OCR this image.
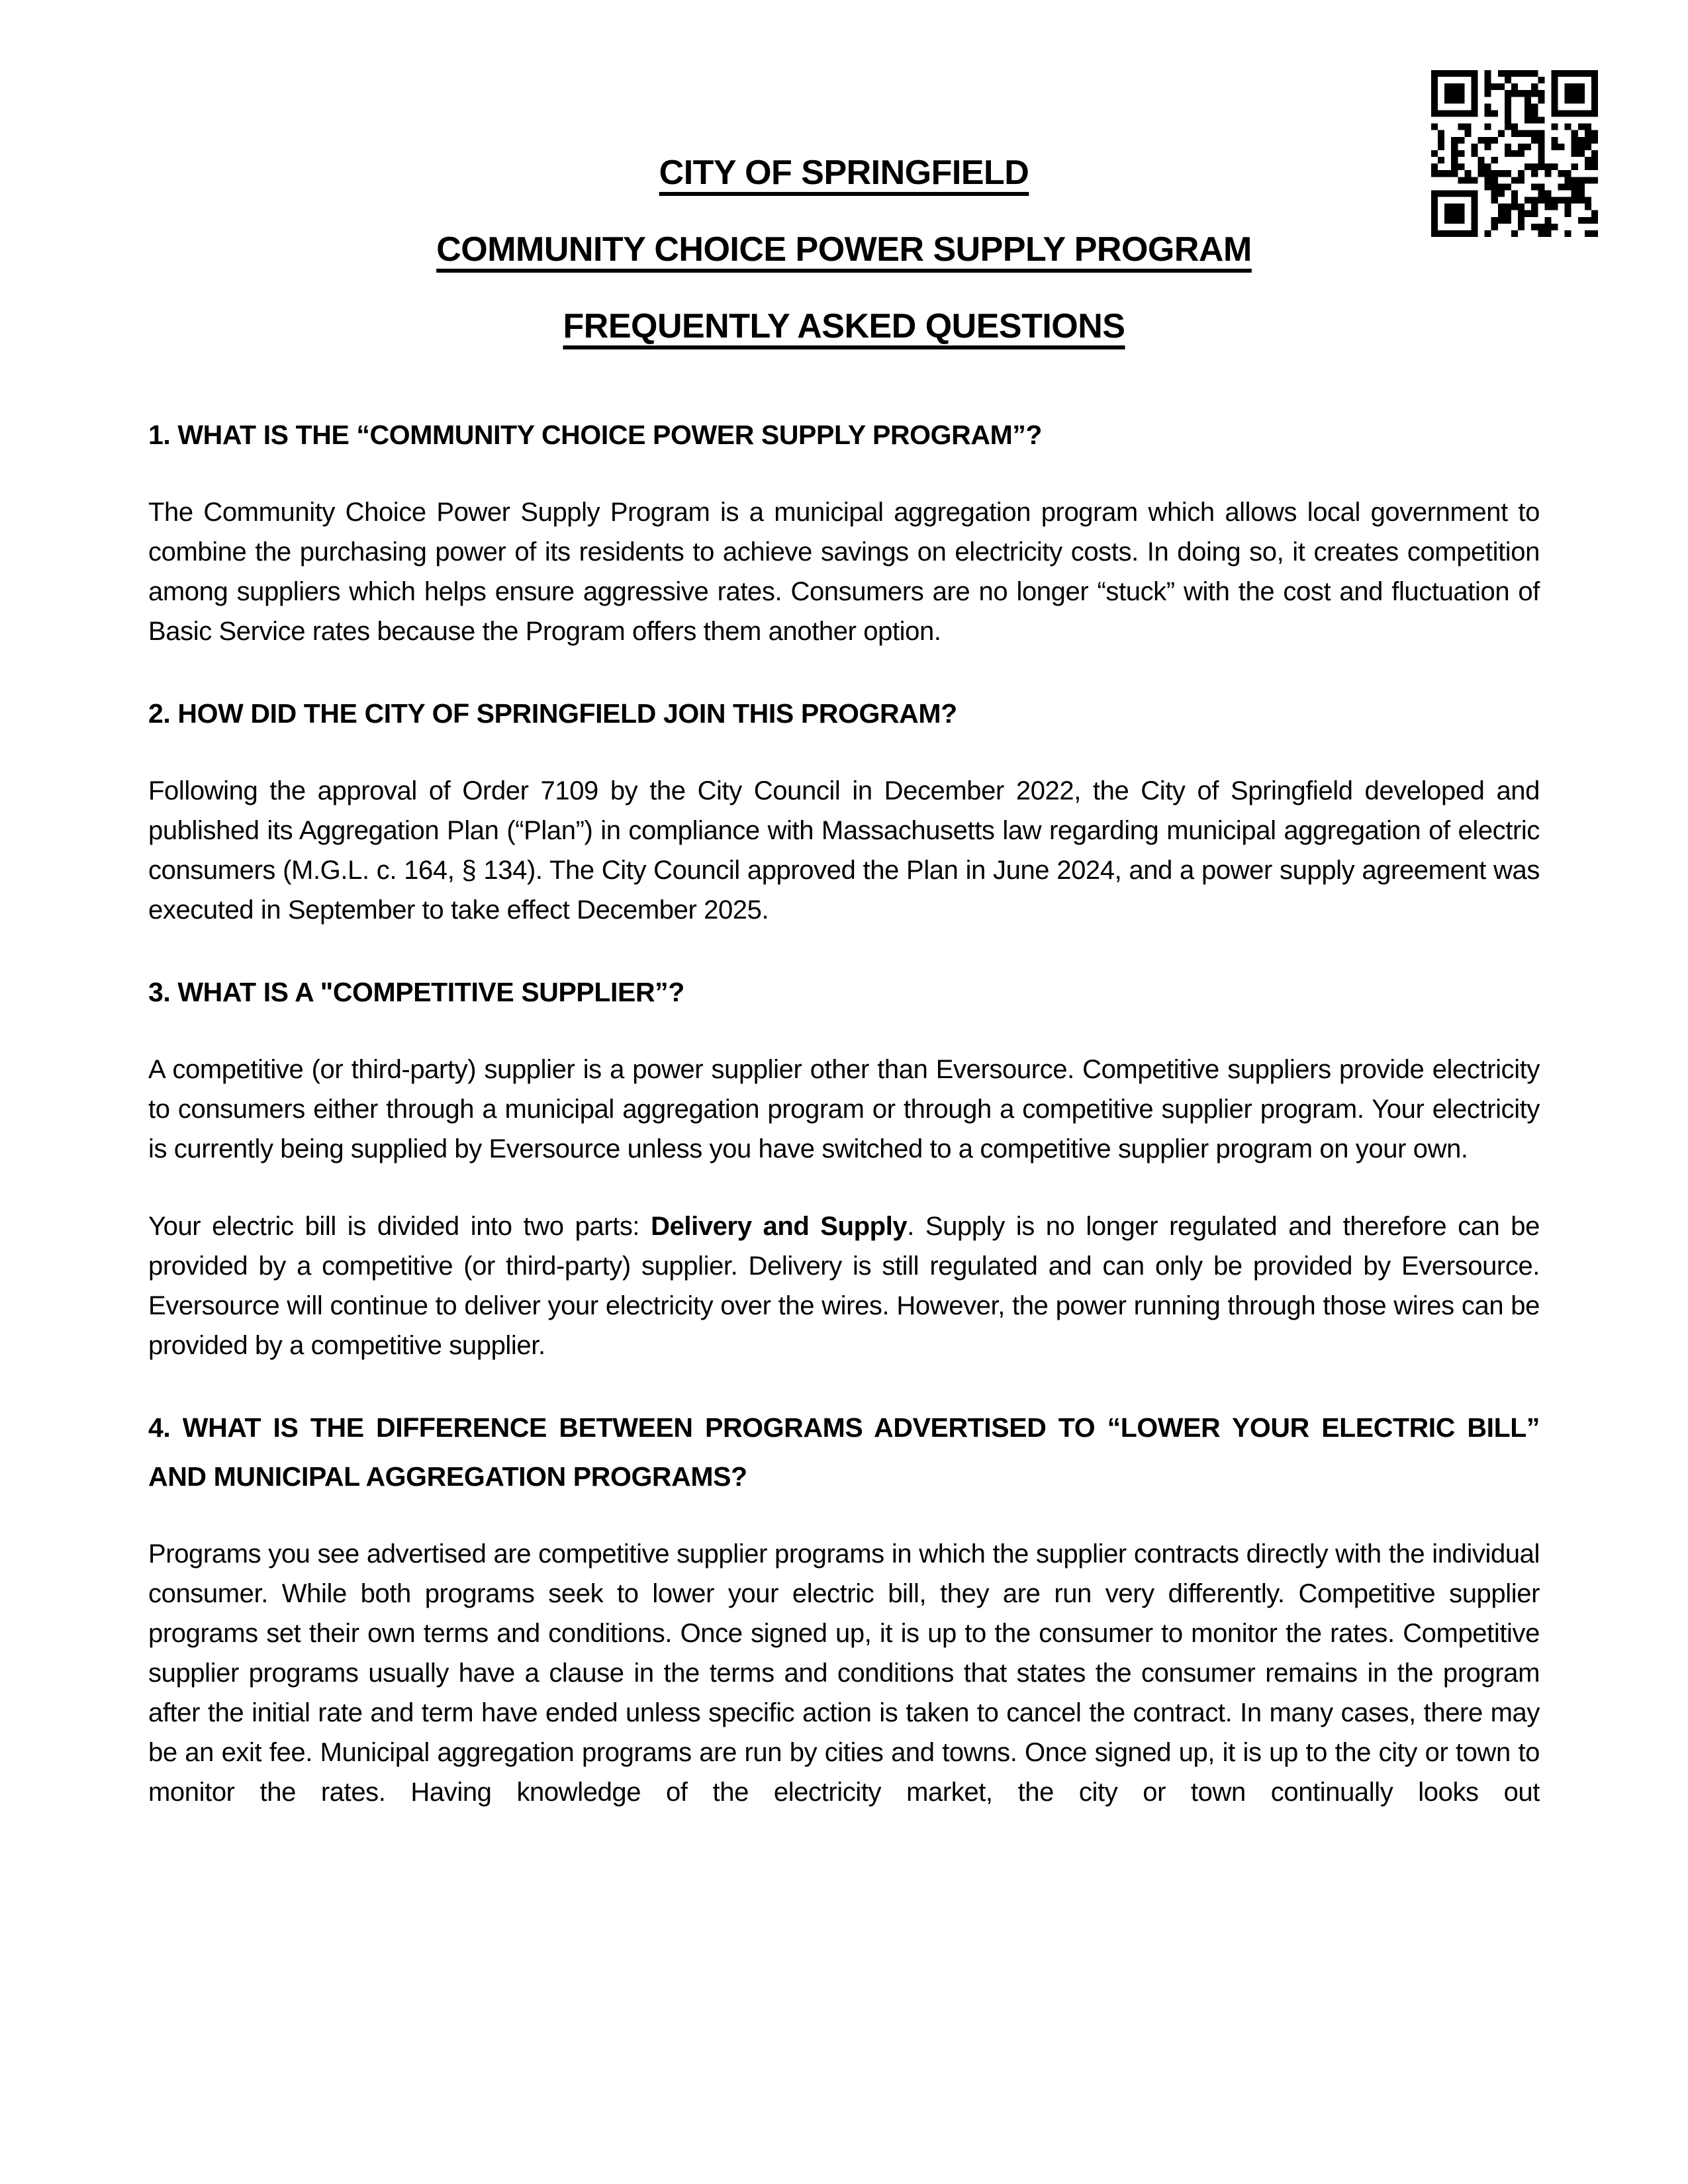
CITY OF SPRINGFIELD
COMMUNITY CHOICE POWER SUPPLY PROGRAM
FREQUENTLY ASKED QUESTIONS
1. WHAT IS THE “COMMUNITY CHOICE POWER SUPPLY PROGRAM”?

The Community Choice Power Supply Program is a municipal aggregation program which allows local government to combine the purchasing power of its residents to achieve savings on electricity costs. In doing so, it creates competition among suppliers which helps ensure aggressive rates. Consumers are no longer “stuck” with the cost and fluctuation of Basic Service rates because the Program offers them another option.

2. HOW DID THE CITY OF SPRINGFIELD JOIN THIS PROGRAM?

Following the approval of Order 7109 by the City Council in December 2022, the City of Springfield developed and published its Aggregation Plan (“Plan”) in compliance with Massachusetts law regarding municipal aggregation of electric consumers (M.G.L. c. 164, § 134). The City Council approved the Plan in June 2024, and a power supply agreement was executed in September to take effect December 2025.

3. WHAT IS A "COMPETITIVE SUPPLIER”?

A competitive (or third-party) supplier is a power supplier other than Eversource. Competitive suppliers provide electricity to consumers either through a municipal aggregation program or through a competitive supplier program. Your electricity is currently being supplied by Eversource unless you have switched to a competitive supplier program on your own.

Your electric bill is divided into two parts: Delivery and Supply. Supply is no longer regulated and therefore can be provided by a competitive (or third-party) supplier. Delivery is still regulated and can only be provided by Eversource. Eversource will continue to deliver your electricity over the wires. However, the power running through those wires can be provided by a competitive supplier.

4. WHAT IS THE DIFFERENCE BETWEEN PROGRAMS ADVERTISED TO “LOWER YOUR ELECTRIC BILL” AND MUNICIPAL AGGREGATION PROGRAMS?

Programs you see advertised are competitive supplier programs in which the supplier contracts directly with the individual consumer. While both programs seek to lower your electric bill, they are run very differently. Competitive supplier programs set their own terms and conditions. Once signed up, it is up to the consumer to monitor the rates. Competitive supplier programs usually have a clause in the terms and conditions that states the consumer remains in the program after the initial rate and term have ended unless specific action is taken to cancel the contract. In many cases, there may be an exit fee. Municipal aggregation programs are run by cities and towns. Once signed up, it is up to the city or town to monitor the rates. Having knowledge of the electricity market, the city or town continually looks out
